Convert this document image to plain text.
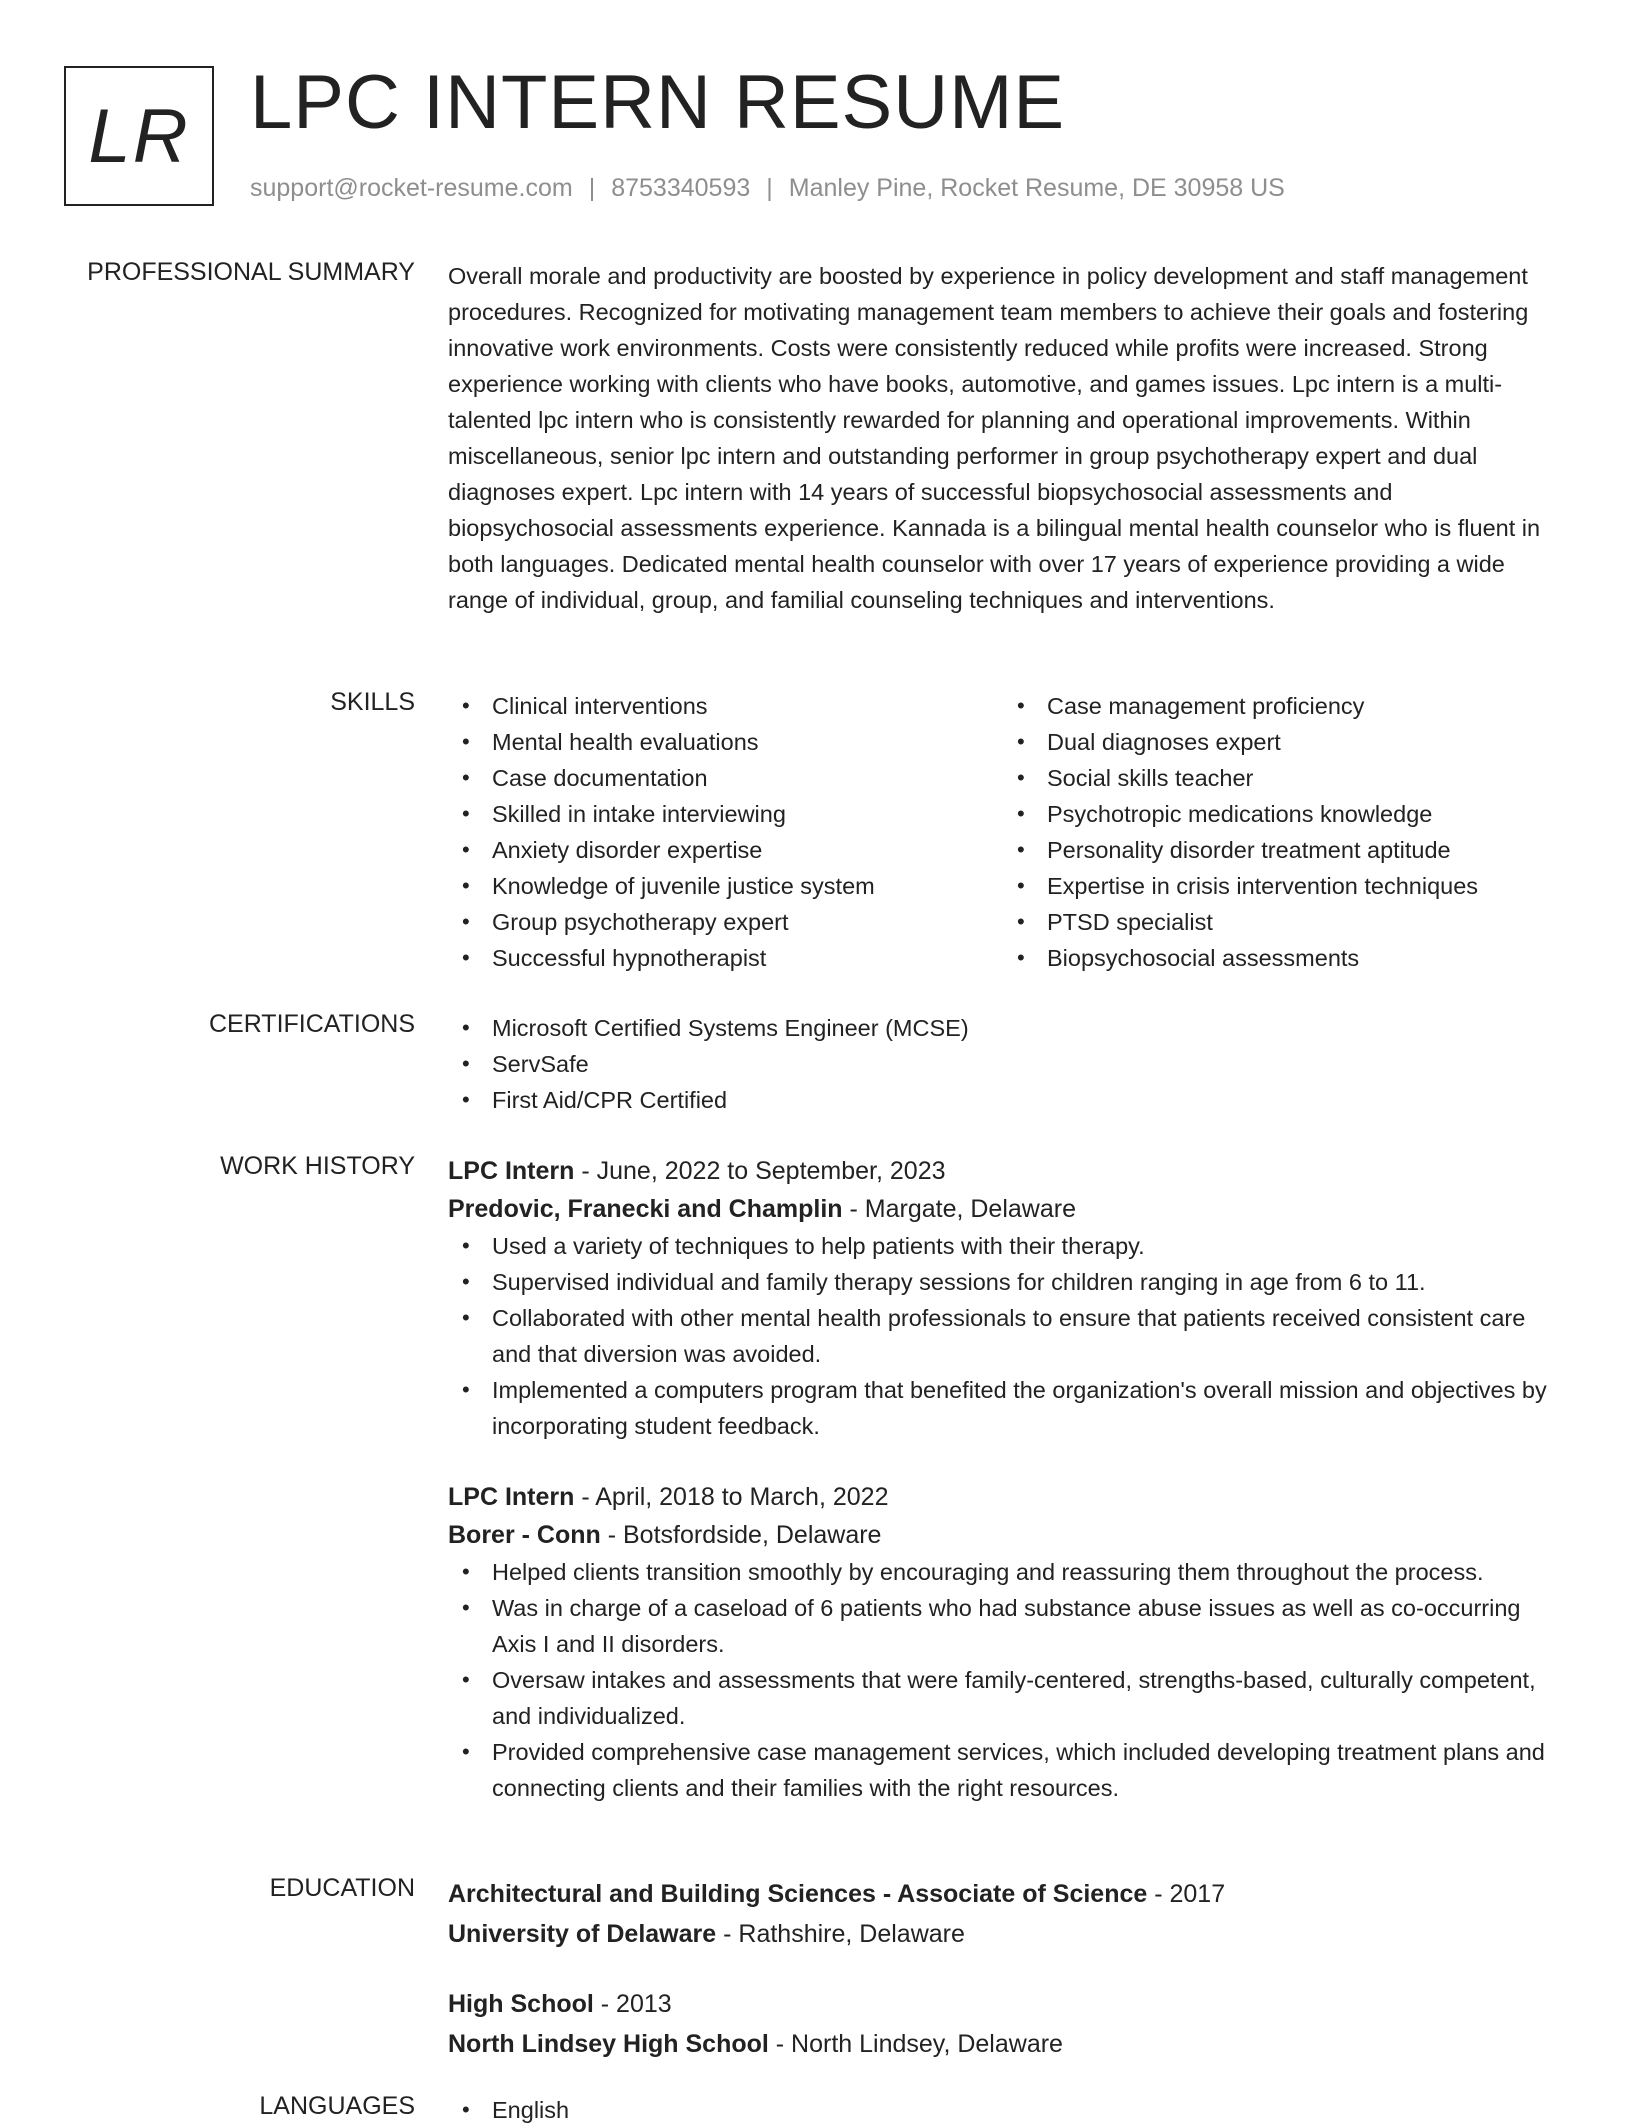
LR LPC INTERN RESUME
support@rocket-resume.com | 8753340593 | Manley Pine, Rocket Resume, DE 30958 US
PROFESSIONAL SUMMARY Overall morale and productivity are boosted by experience in policy development and staff management procedures. Recognized for motivating management team members to achieve their goals and fostering innovative work environments. Costs were consistently reduced while profits were increased. Strong experience working with clients who have books, automotive, and games issues. Lpc intern is a multi-talented lpc intern who is consistently rewarded for planning and operational improvements. Within miscellaneous, senior lpc intern and outstanding performer in group psychotherapy expert and dual diagnoses expert. Lpc intern with 14 years of successful biopsychosocial assessments and biopsychosocial assessments experience. Kannada is a bilingual mental health counselor who is fluent in both languages. Dedicated mental health counselor with over 17 years of experience providing a wide range of individual, group, and familial counseling techniques and interventions.

SKILLS	• Clinical interventions
• Mental health evaluations
• Case documentation
• Skilled in intake interviewing
• Anxiety disorder expertise
• Knowledge of juvenile justice system
• Group psychotherapy expert
• Successful hypnotherapist
• Case management proficiency
• Dual diagnoses expert
• Social skills teacher
• Psychotropic medications knowledge
• Personality disorder treatment aptitude
• Expertise in crisis intervention techniques
• PTSD specialist
• Biopsychosocial assessments
CERTIFICATIONS	• Microsoft Certified Systems Engineer (MCSE)
• ServSafe
• First Aid/CPR Certified
WORK HISTORY LPC Intern - June, 2022 to September, 2023
Predovic, Franecki and Champlin - Margate, Delaware
• Used a variety of techniques to help patients with their therapy.
• Supervised individual and family therapy sessions for children ranging in age from 6 to 11.
• Collaborated with other mental health professionals to ensure that patients received consistent care and that diversion was avoided.
• Implemented a computers program that benefited the organization's overall mission and objectives by incorporating student feedback.
LPC Intern - April, 2018 to March, 2022
Borer - Conn - Botsfordside, Delaware
• Helped clients transition smoothly by encouraging and reassuring them throughout the process.
• Was in charge of a caseload of 6 patients who had substance abuse issues as well as co-occurring Axis I and II disorders.
• Oversaw intakes and assessments that were family-centered, strengths-based, culturally competent, and individualized.
• Provided comprehensive case management services, which included developing treatment plans and connecting clients and their families with the right resources.
EDUCATION Architectural and Building Sciences - Associate of Science - 2017
University of Delaware - Rathshire, Delaware
High School - 2013
North Lindsey High School - North Lindsey, Delaware
LANGUAGES	• English
